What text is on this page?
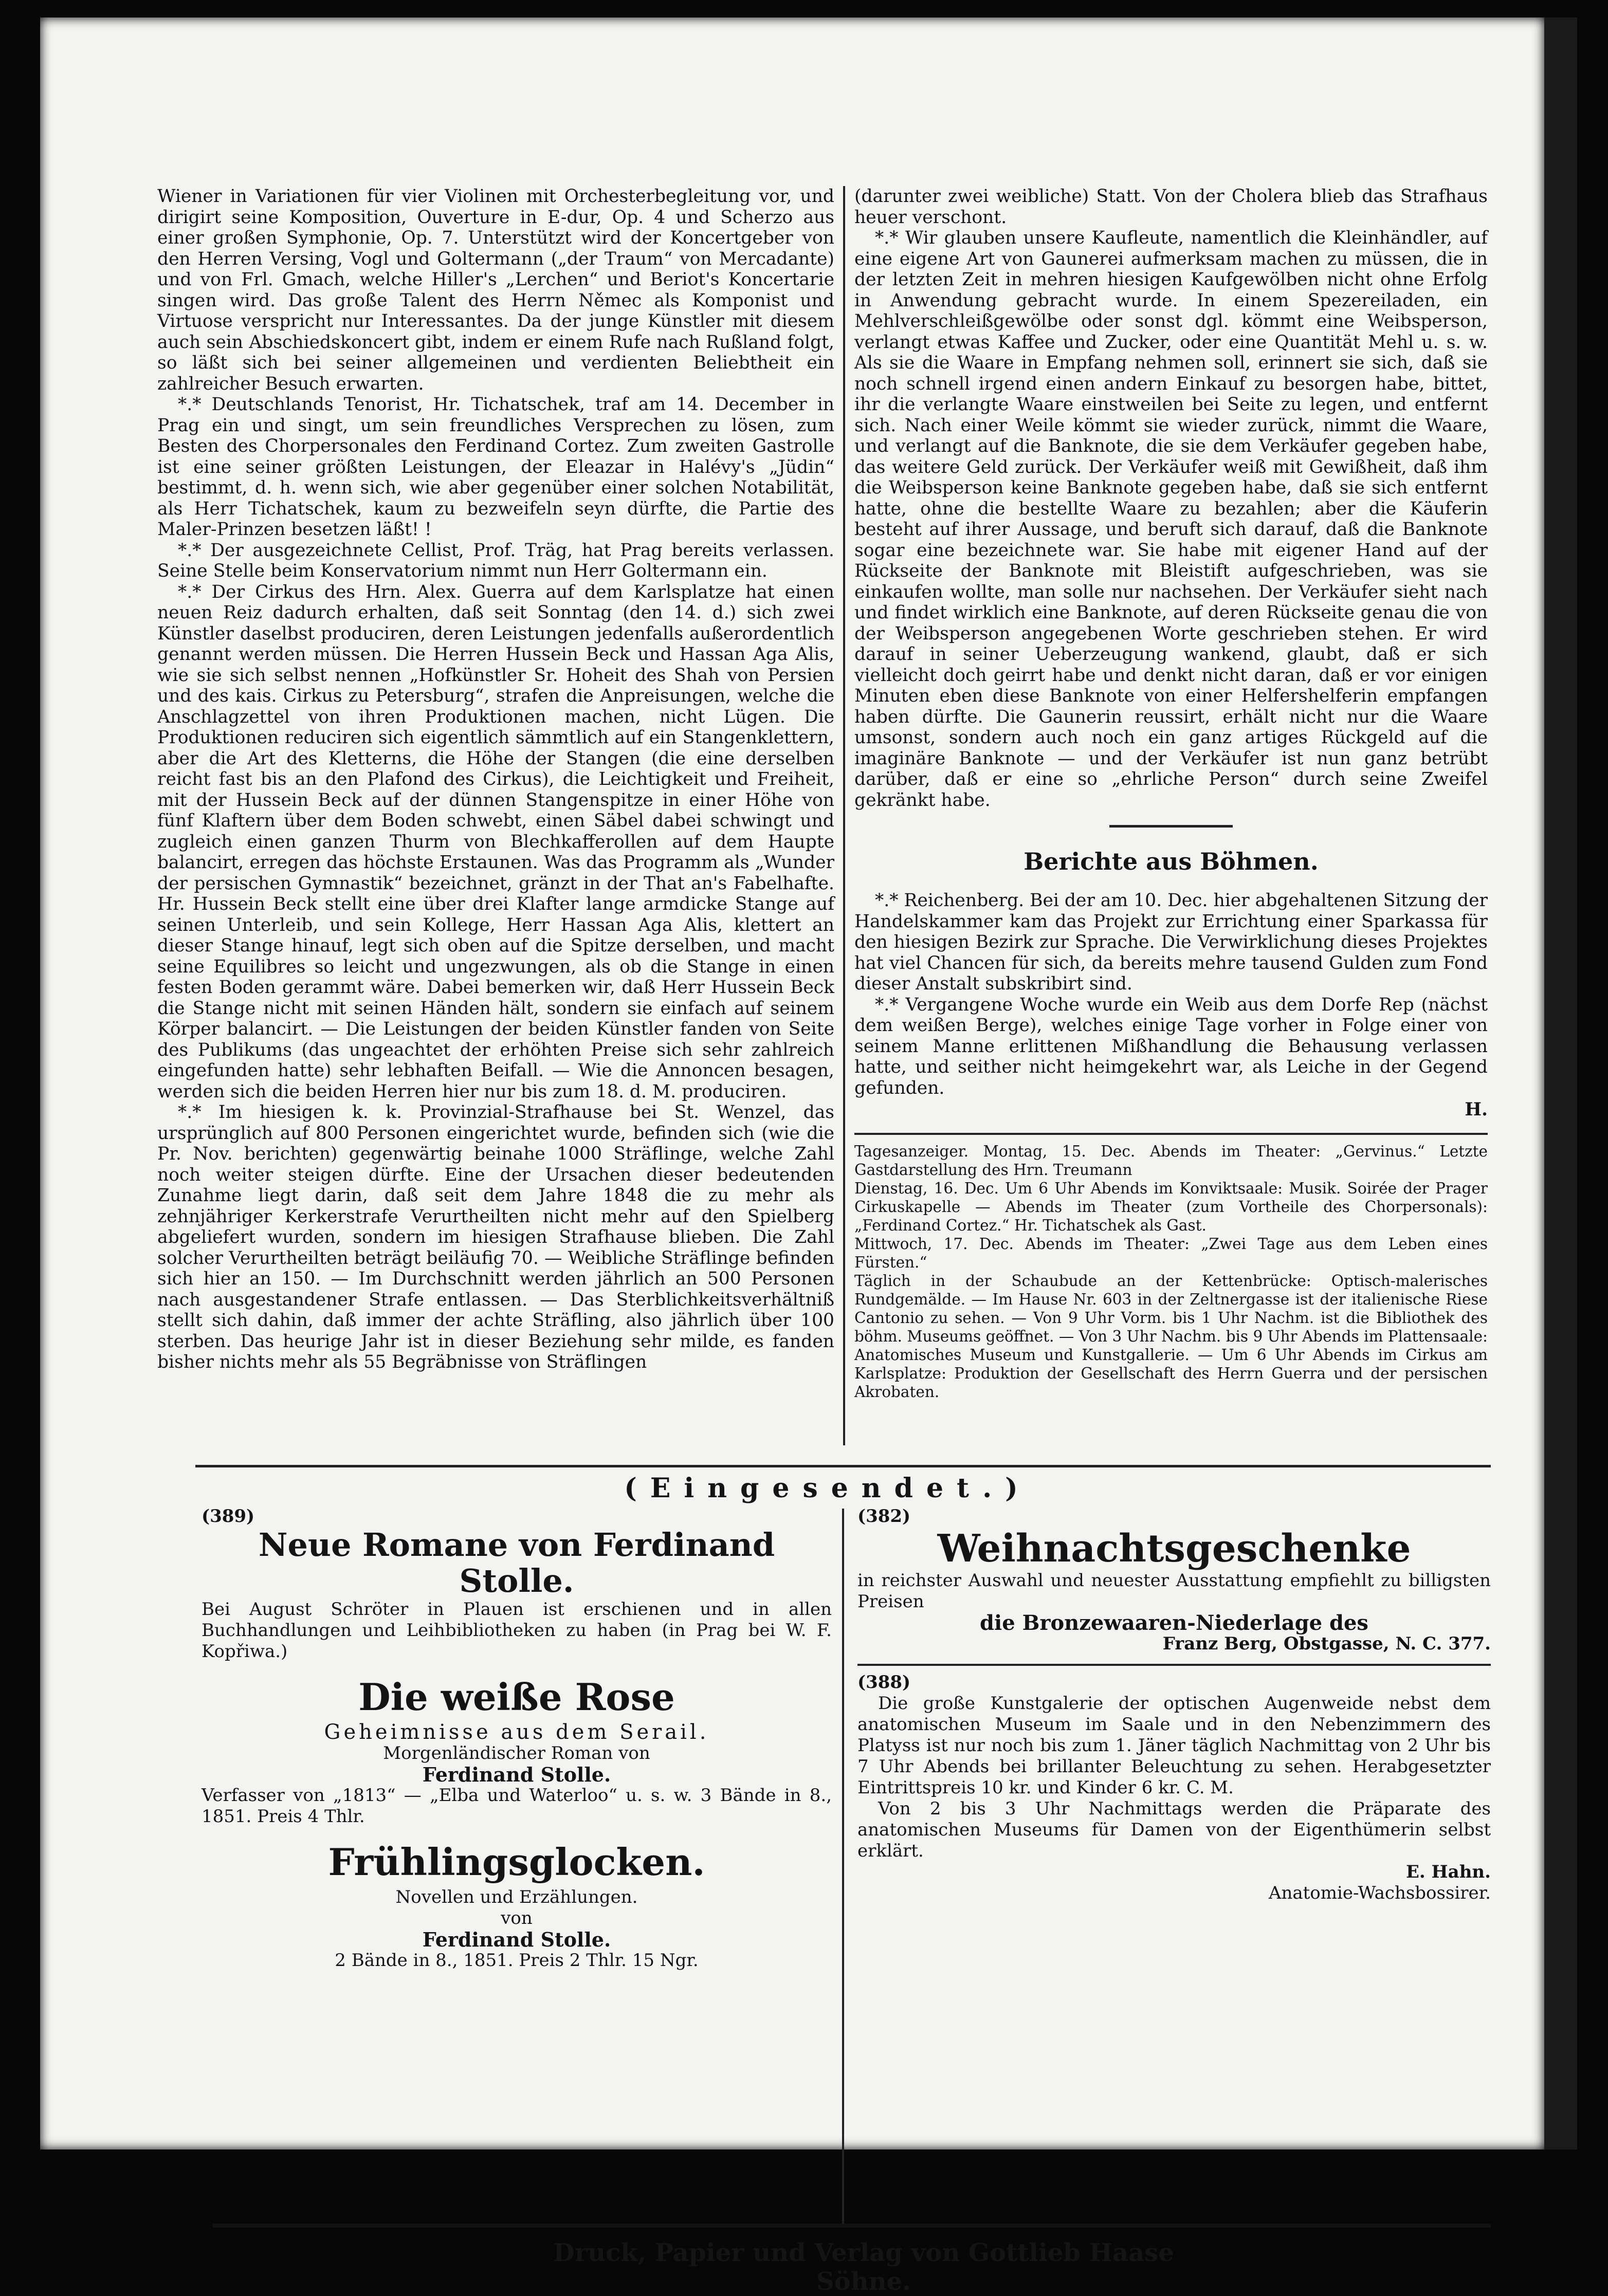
Wiener in Variationen für vier Violinen mit Orchesterbegleitung vor, und dirigirt seine Komposition, Ouverture in E-dur, Op. 4 und Scherzo aus einer großen Symphonie, Op. 7. Unterstützt wird der Koncertgeber von den Herren Versing, Vogl und Goltermann („der Traum“ von Mercadante) und von Frl. Gmach, welche Hiller's „Lerchen“ und Beriot's Koncertarie singen wird. Das große Talent des Herrn Němec als Komponist und Virtuose verspricht nur Interessantes. Da der junge Künstler mit diesem auch sein Abschiedskoncert gibt, indem er einem Rufe nach Rußland folgt, so läßt sich bei seiner allgemeinen und verdienten Beliebtheit ein zahlreicher Besuch erwarten.

*.* Deutschlands Tenorist, Hr. Tichatschek, traf am 14. December in Prag ein und singt, um sein freundliches Versprechen zu lösen, zum Besten des Chorpersonales den Ferdinand Cortez. Zum zweiten Gastrolle ist eine seiner größten Leistungen, der Eleazar in Halévy's „Jüdin“ bestimmt, d. h. wenn sich, wie aber gegenüber einer solchen Notabilität, als Herr Tichatschek, kaum zu bezweifeln seyn dürfte, die Partie des Maler-Prinzen besetzen läßt! !

*.* Der ausgezeichnete Cellist, Prof. Träg, hat Prag bereits verlassen. Seine Stelle beim Konservatorium nimmt nun Herr Goltermann ein.

*.* Der Cirkus des Hrn. Alex. Guerra auf dem Karlsplatze hat einen neuen Reiz dadurch erhalten, daß seit Sonntag (den 14. d.) sich zwei Künstler daselbst produciren, deren Leistungen jedenfalls außerordentlich genannt werden müssen. Die Herren Hussein Beck und Hassan Aga Alis, wie sie sich selbst nennen „Hofkünstler Sr. Hoheit des Shah von Persien und des kais. Cirkus zu Petersburg“, strafen die Anpreisungen, welche die Anschlagzettel von ihren Produktionen machen, nicht Lügen. Die Produktionen reduciren sich eigentlich sämmtlich auf ein Stangenklettern, aber die Art des Kletterns, die Höhe der Stangen (die eine derselben reicht fast bis an den Plafond des Cirkus), die Leichtigkeit und Freiheit, mit der Hussein Beck auf der dünnen Stangenspitze in einer Höhe von fünf Klaftern über dem Boden schwebt, einen Säbel dabei schwingt und zugleich einen ganzen Thurm von Blechkafferollen auf dem Haupte balancirt, erregen das höchste Erstaunen. Was das Programm als „Wunder der persischen Gymnastik“ bezeichnet, gränzt in der That an's Fabelhafte. Hr. Hussein Beck stellt eine über drei Klafter lange armdicke Stange auf seinen Unterleib, und sein Kollege, Herr Hassan Aga Alis, klettert an dieser Stange hinauf, legt sich oben auf die Spitze derselben, und macht seine Equilibres so leicht und ungezwungen, als ob die Stange in einen festen Boden gerammt wäre. Dabei bemerken wir, daß Herr Hussein Beck die Stange nicht mit seinen Händen hält, sondern sie einfach auf seinem Körper balancirt. — Die Leistungen der beiden Künstler fanden von Seite des Publikums (das ungeachtet der erhöhten Preise sich sehr zahlreich eingefunden hatte) sehr lebhaften Beifall. — Wie die Annoncen besagen, werden sich die beiden Herren hier nur bis zum 18. d. M. produciren.

*.* Im hiesigen k. k. Provinzial-Strafhause bei St. Wenzel, das ursprünglich auf 800 Personen eingerichtet wurde, befinden sich (wie die Pr. Nov. berichten) gegenwärtig beinahe 1000 Sträflinge, welche Zahl noch weiter steigen dürfte. Eine der Ursachen dieser bedeutenden Zunahme liegt darin, daß seit dem Jahre 1848 die zu mehr als zehnjähriger Kerkerstrafe Verurtheilten nicht mehr auf den Spielberg abgeliefert wurden, sondern im hiesigen Strafhause blieben. Die Zahl solcher Verurtheilten beträgt beiläufig 70. — Weibliche Sträflinge befinden sich hier an 150. — Im Durchschnitt werden jährlich an 500 Personen nach ausgestandener Strafe entlassen. — Das Sterblichkeitsverhältniß stellt sich dahin, daß immer der achte Sträfling, also jährlich über 100 sterben. Das heurige Jahr ist in dieser Beziehung sehr milde, es fanden bisher nichts mehr als 55 Begräbnisse von Sträflingen

(darunter zwei weibliche) Statt. Von der Cholera blieb das Strafhaus heuer verschont.

*.* Wir glauben unsere Kaufleute, namentlich die Kleinhändler, auf eine eigene Art von Gaunerei aufmerksam machen zu müssen, die in der letzten Zeit in mehren hiesigen Kaufgewölben nicht ohne Erfolg in Anwendung gebracht wurde. In einem Spezereiladen, ein Mehlverschleißgewölbe oder sonst dgl. kömmt eine Weibsperson, verlangt etwas Kaffee und Zucker, oder eine Quantität Mehl u. s. w. Als sie die Waare in Empfang nehmen soll, erinnert sie sich, daß sie noch schnell irgend einen andern Einkauf zu besorgen habe, bittet, ihr die verlangte Waare einstweilen bei Seite zu legen, und entfernt sich. Nach einer Weile kömmt sie wieder zurück, nimmt die Waare, und verlangt auf die Banknote, die sie dem Verkäufer gegeben habe, das weitere Geld zurück. Der Verkäufer weiß mit Gewißheit, daß ihm die Weibsperson keine Banknote gegeben habe, daß sie sich entfernt hatte, ohne die bestellte Waare zu bezahlen; aber die Käuferin besteht auf ihrer Aussage, und beruft sich darauf, daß die Banknote sogar eine bezeichnete war. Sie habe mit eigener Hand auf der Rückseite der Banknote mit Bleistift aufgeschrieben, was sie einkaufen wollte, man solle nur nachsehen. Der Verkäufer sieht nach und findet wirklich eine Banknote, auf deren Rückseite genau die von der Weibsperson angegebenen Worte geschrieben stehen. Er wird darauf in seiner Ueberzeugung wankend, glaubt, daß er sich vielleicht doch geirrt habe und denkt nicht daran, daß er vor einigen Minuten eben diese Banknote von einer Helfershelferin empfangen haben dürfte. Die Gaunerin reussirt, erhält nicht nur die Waare umsonst, sondern auch noch ein ganz artiges Rückgeld auf die imaginäre Banknote — und der Verkäufer ist nun ganz betrübt darüber, daß er eine so „ehrliche Person“ durch seine Zweifel gekränkt habe.

Berichte aus Böhmen.

*.* Reichenberg. Bei der am 10. Dec. hier abgehaltenen Sitzung der Handelskammer kam das Projekt zur Errichtung einer Sparkassa für den hiesigen Bezirk zur Sprache. Die Verwirklichung dieses Projektes hat viel Chancen für sich, da bereits mehre tausend Gulden zum Fond dieser Anstalt subskribirt sind.

*.* Vergangene Woche wurde ein Weib aus dem Dorfe Rep (nächst dem weißen Berge), welches einige Tage vorher in Folge einer von seinem Manne erlittenen Mißhandlung die Behausung verlassen hatte, und seither nicht heimgekehrt war, als Leiche in der Gegend gefunden.

H.

Tagesanzeiger. Montag, 15. Dec. Abends im Theater: „Gervinus.“ Letzte Gastdarstellung des Hrn. Treumann

Dienstag, 16. Dec. Um 6 Uhr Abends im Konviktsaale: Musik. Soirée der Prager Cirkuskapelle — Abends im Theater (zum Vortheile des Chorpersonals): „Ferdinand Cortez.“ Hr. Tichatschek als Gast.

Mittwoch, 17. Dec. Abends im Theater: „Zwei Tage aus dem Leben eines Fürsten.“

Täglich in der Schaubude an der Kettenbrücke: Optisch-malerisches Rundgemälde. — Im Hause Nr. 603 in der Zeltnergasse ist der italienische Riese Cantonio zu sehen. — Von 9 Uhr Vorm. bis 1 Uhr Nachm. ist die Bibliothek des böhm. Museums geöffnet. — Von 3 Uhr Nachm. bis 9 Uhr Abends im Plattensaale: Anatomisches Museum und Kunstgallerie. — Um 6 Uhr Abends im Cirkus am Karlsplatze: Produktion der Gesellschaft des Herrn Guerra und der persischen Akrobaten.

(Eingesendet.)
(389)
Neue Romane von Ferdinand Stolle.
Bei August Schröter in Plauen ist erschienen und in allen Buchhandlungen und Leihbibliotheken zu haben (in Prag bei W. F. Kopřiwa.)
Die weiße Rose
Geheimnisse aus dem Serail.
Morgenländischer Roman von
Ferdinand Stolle.
Verfasser von „1813“ — „Elba und Waterloo“ u. s. w. 3 Bände in 8., 1851. Preis 4 Thlr.
Frühlingsglocken.
Novellen und Erzählungen.
von
Ferdinand Stolle.
2 Bände in 8., 1851. Preis 2 Thlr. 15 Ngr.
(382)
Weihnachtsgeschenke
in reichster Auswahl und neuester Ausstattung empfiehlt zu billigsten Preisen
die Bronzewaaren-Niederlage des
Franz Berg, Obstgasse, N. C. 377.
(388)
Die große Kunstgalerie der optischen Augenweide nebst dem anatomischen Museum im Saale und in den Nebenzimmern des Platyss ist nur noch bis zum 1. Jäner täglich Nachmittag von 2 Uhr bis 7 Uhr Abends bei brillanter Beleuchtung zu sehen. Herabgesetzter Eintrittspreis 10 kr. und Kinder 6 kr. C. M.
Von 2 bis 3 Uhr Nachmittags werden die Präparate des anatomischen Museums für Damen von der Eigenthümerin selbst erklärt.
E. Hahn.
Anatomie-Wachsbossirer.
Druck, Papier und Verlag von Gottlieb Haase Söhne.
